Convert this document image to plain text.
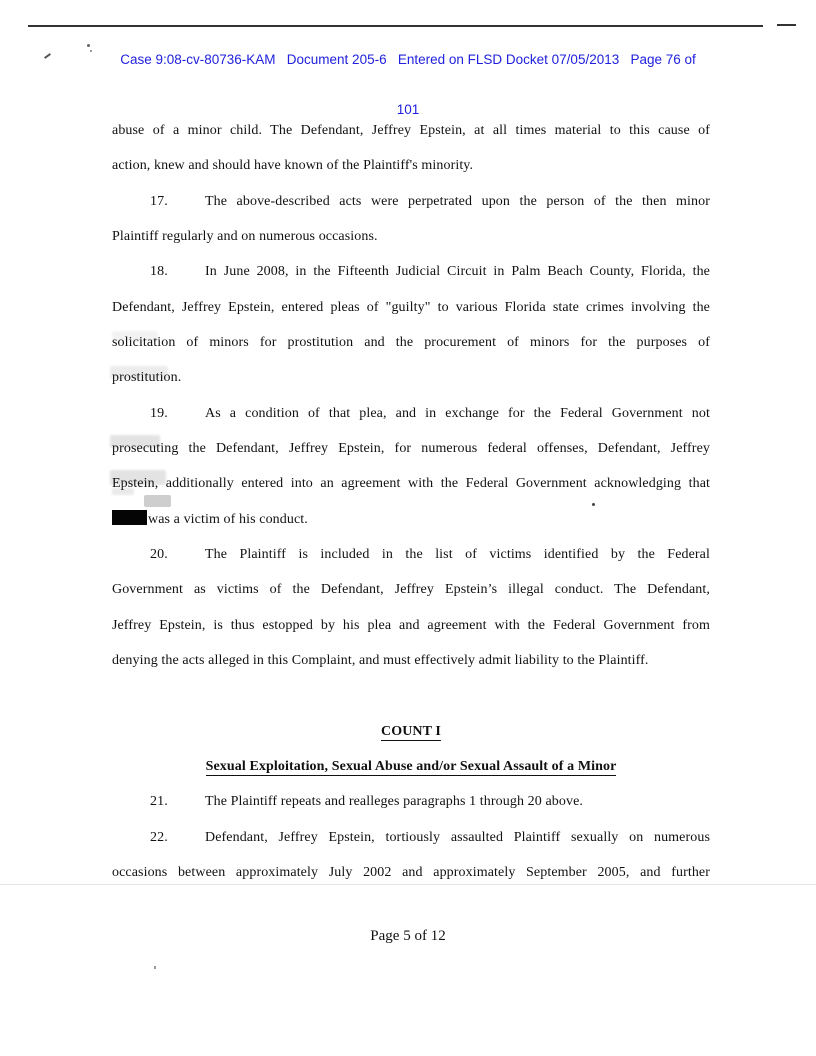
Case 9:08-cv-80736-KAM   Document 205-6   Entered on FLSD Docket 07/05/2013   Page 76 of

101

abuse of a minor child. The Defendant, Jeffrey Epstein, at all times material to this cause of
action, knew and should have known of the Plaintiff's minority.
17.	The above-described acts were perpetrated upon the person of the then minor
Plaintiff regularly and on numerous occasions.
18.	In June 2008, in the Fifteenth Judicial Circuit in Palm Beach County, Florida, the
Defendant, Jeffrey Epstein, entered pleas of "guilty" to various Florida state crimes involving the
solicitation of minors for prostitution and the procurement of minors for the purposes of
prostitution.
19.	As a condition of that plea, and in exchange for the Federal Government not
prosecuting the Defendant, Jeffrey Epstein, for numerous federal offenses, Defendant, Jeffrey
Epstein, additionally entered into an agreement with the Federal Government acknowledging that
was a victim of his conduct.
20.	The Plaintiff is included in the list of victims identified by the Federal
Government as victims of the Defendant, Jeffrey Epstein’s illegal conduct. The Defendant,
Jeffrey Epstein, is thus estopped by his plea and agreement with the Federal Government from
denying the acts alleged in this Complaint, and must effectively admit liability to the Plaintiff.
COUNT I
Sexual Exploitation, Sexual Abuse and/or Sexual Assault of a Minor
21.	The Plaintiff repeats and realleges paragraphs 1 through 20 above.
22.	Defendant, Jeffrey Epstein, tortiously assaulted Plaintiff sexually on numerous
occasions between approximately July 2002 and approximately September 2005, and further
Page 5 of 12
